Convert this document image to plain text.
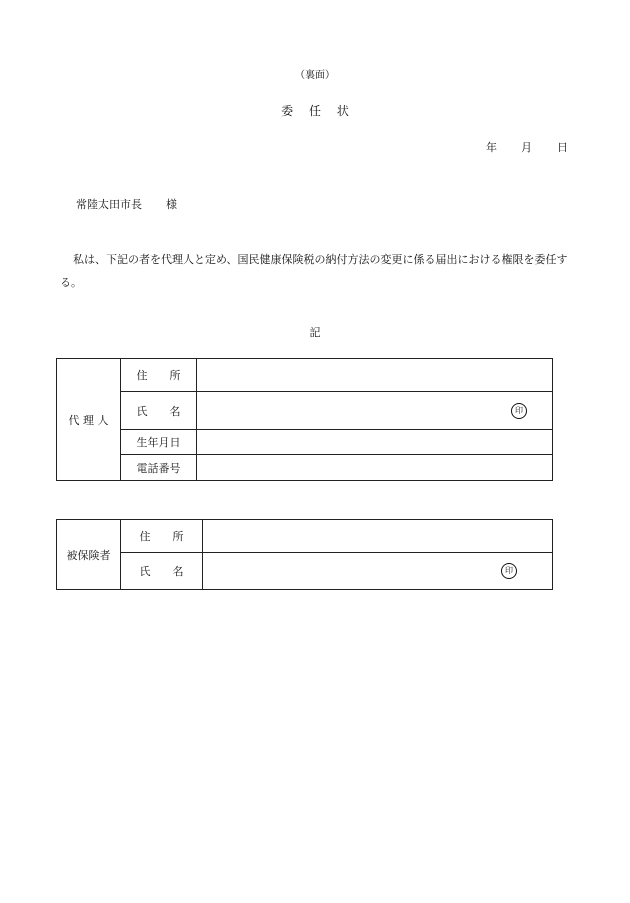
（裏面）
委 任 状
年 月 日
常陸太田市長 様
私は、下記の者を代理人と定め、国民健康保険税の納付方法の変更に係る届出における権限を委任する。
記
代 理 人	住　　所	
	氏　　名	印

	生年月日	
	電話番号	
被保険者	住　　所	
	氏　　名	印
